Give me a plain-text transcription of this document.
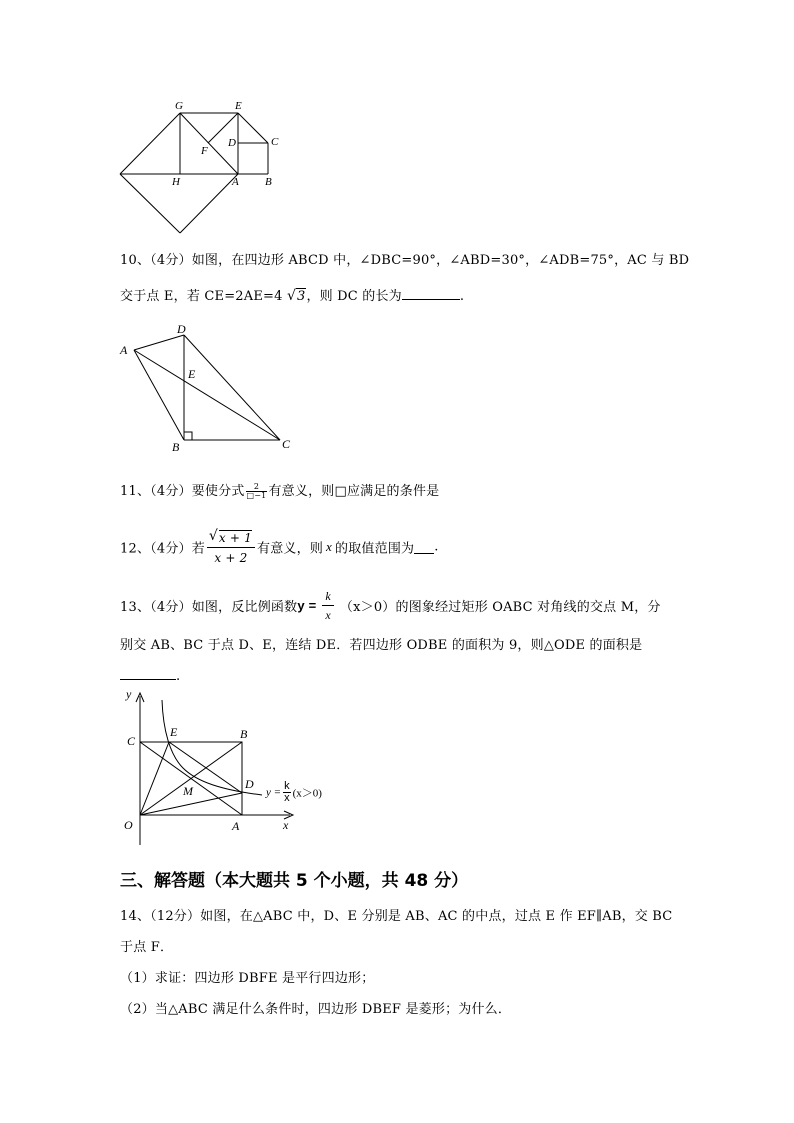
G	E
D	C
F
H	A B
10、（4分）如图，在四边形 ABCD 中，∠DBC=90°，∠ABD=30°，∠ADB=75°，AC 与 BD
交于点 E，若 CE=2AE=4 √ 3，则 DC 的长为	.
D
A
E
B	C
11、（4分）要使分式 $\frac{2}{□-1}$ 有意义，则□应满足的条件是
12、（4分）若 $\frac{√ x + 1}{x + 2}$ 有意义，则 x 的取值范围为 .
13、（4分）如图，反比例函数$y = \frac{k}{x} (x>0)$的图象经过矩形 OABC 对角线的交点 M，分
别交 AB、BC 于点 D、E，连结 DE．若四边形 ODBE 的面积为 9，则△ODE 的面积是
.
y
x
C
E	B
D
M
O	A
$y = \frac{k}{x} (x>0)$
三、解答题（本大题共 5 个小题，共 48 分）
14、（12分）如图，在△ABC 中，D、E 分别是 AB、AC 的中点，过点 E 作 EF∥AB，交 BC
于点 F．
（1）求证：四边形 DBFE 是平行四边形；
（2）当△ABC 满足什么条件时，四边形 DBEF 是菱形；为什么．
